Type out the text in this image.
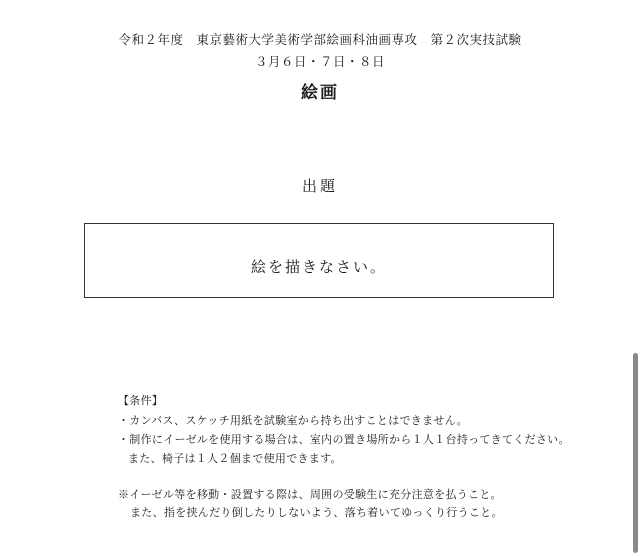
令和２年度　東京藝術大学美術学部絵画科油画専攻　第２次実技試験
３月６日・７日・８日
絵画
出題
絵を描きなさい。
【条件】
・カンバス、スケッチ用紙を試験室から持ち出すことはできません。
・制作にイーゼルを使用する場合は、室内の置き場所から１人１台持ってきてください。
また、椅子は１人２個まで使用できます。
※イーゼル等を移動・設置する際は、周囲の受験生に充分注意を払うこと。
また、指を挟んだり倒したりしないよう、落ち着いてゆっくり行うこと。
